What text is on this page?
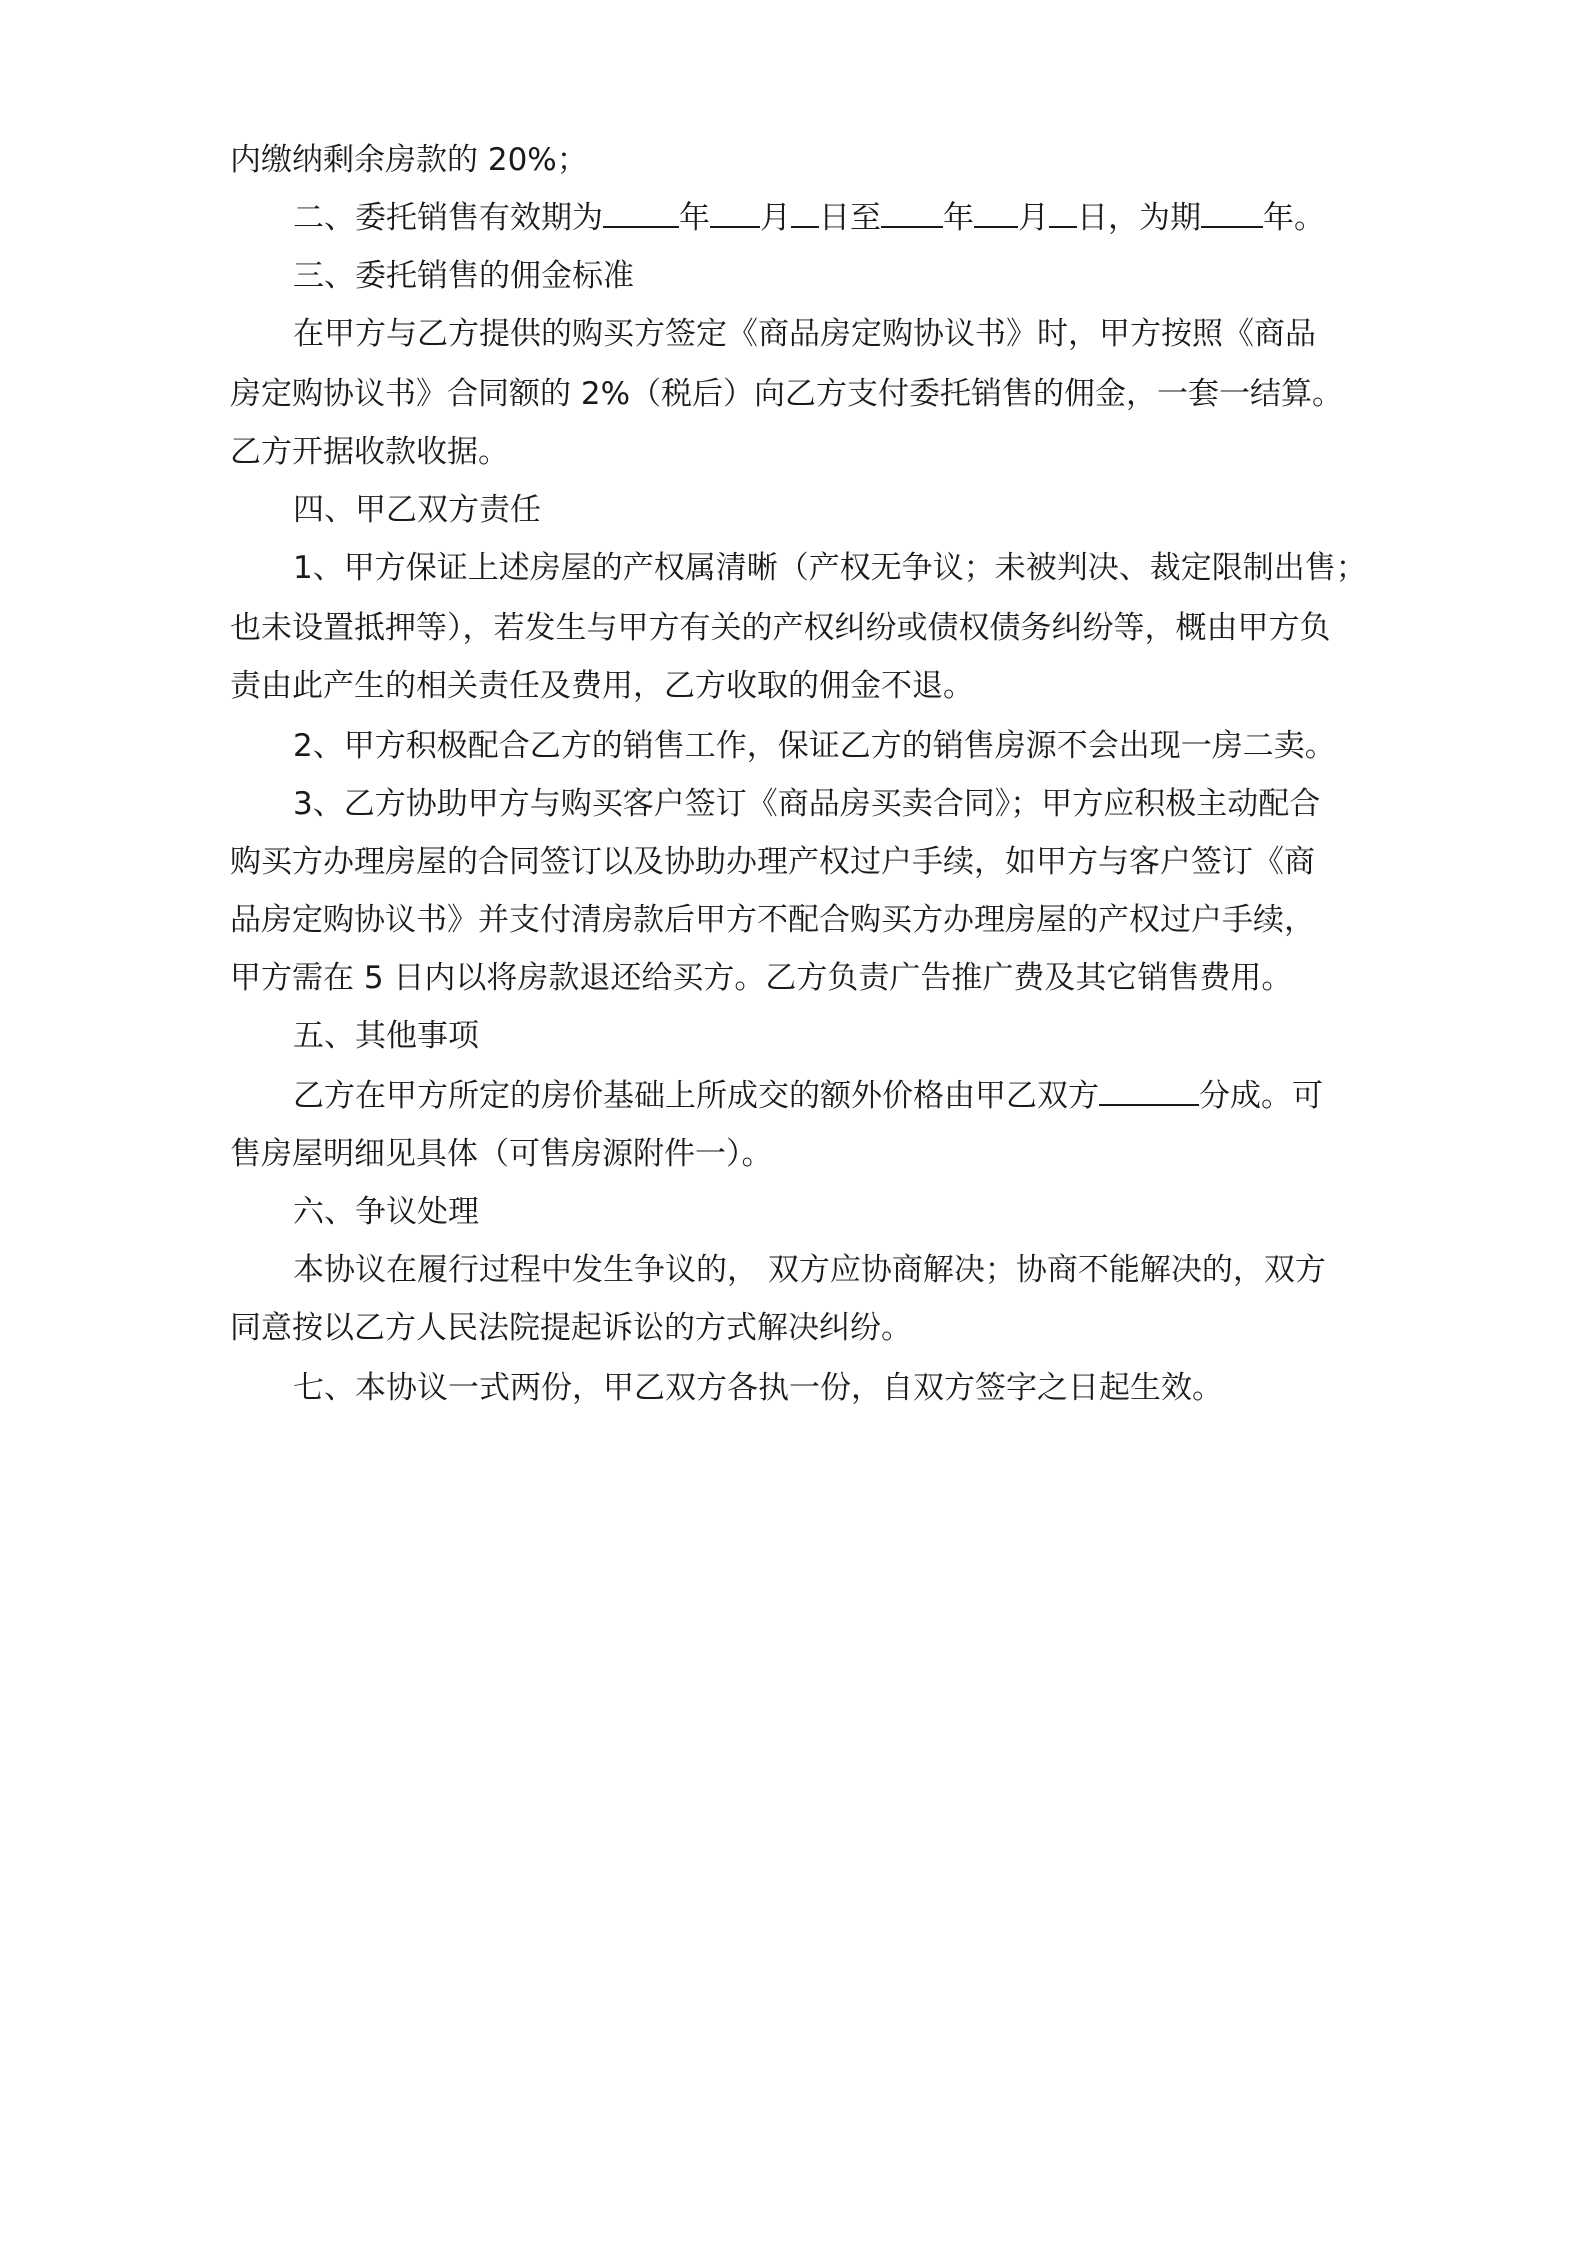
内缴纳剩余房款的 20%；
二、委托销售有效期为 年 月 日至 年 月 日，为期 年。
三、委托销售的佣金标准
在甲方与乙方提供的购买方签定《商品房定购协议书》时，甲方按照《商品
房定购协议书》合同额的 2%（税后）向乙方支付委托销售的佣金，一套一结算。
乙方开据收款收据。
四、甲乙双方责任
1、甲方保证上述房屋的产权属清晰（产权无争议；未被判决、裁定限制出售；
也未设置抵押等），若发生与甲方有关的产权纠纷或债权债务纠纷等，概由甲方负
责由此产生的相关责任及费用，乙方收取的佣金不退。
2、甲方积极配合乙方的销售工作，保证乙方的销售房源不会出现一房二卖。
3、乙方协助甲方与购买客户签订《商品房买卖合同》；甲方应积极主动配合
购买方办理房屋的合同签订以及协助办理产权过户手续，如甲方与客户签订《商
品房定购协议书》并支付清房款后甲方不配合购买方办理房屋的产权过户手续，
甲方需在 5 日内以将房款退还给买方。乙方负责广告推广费及其它销售费用。
五、其他事项
乙方在甲方所定的房价基础上所成交的额外价格由甲乙双方	分成。可
售房屋明细见具体（可售房源附件一）。
六、争议处理
本协议在履行过程中发生争议的， 双方应协商解决；协商不能解决的，双方
同意按以乙方人民法院提起诉讼的方式解决纠纷。
七、本协议一式两份，甲乙双方各执一份，自双方签字之日起生效。
